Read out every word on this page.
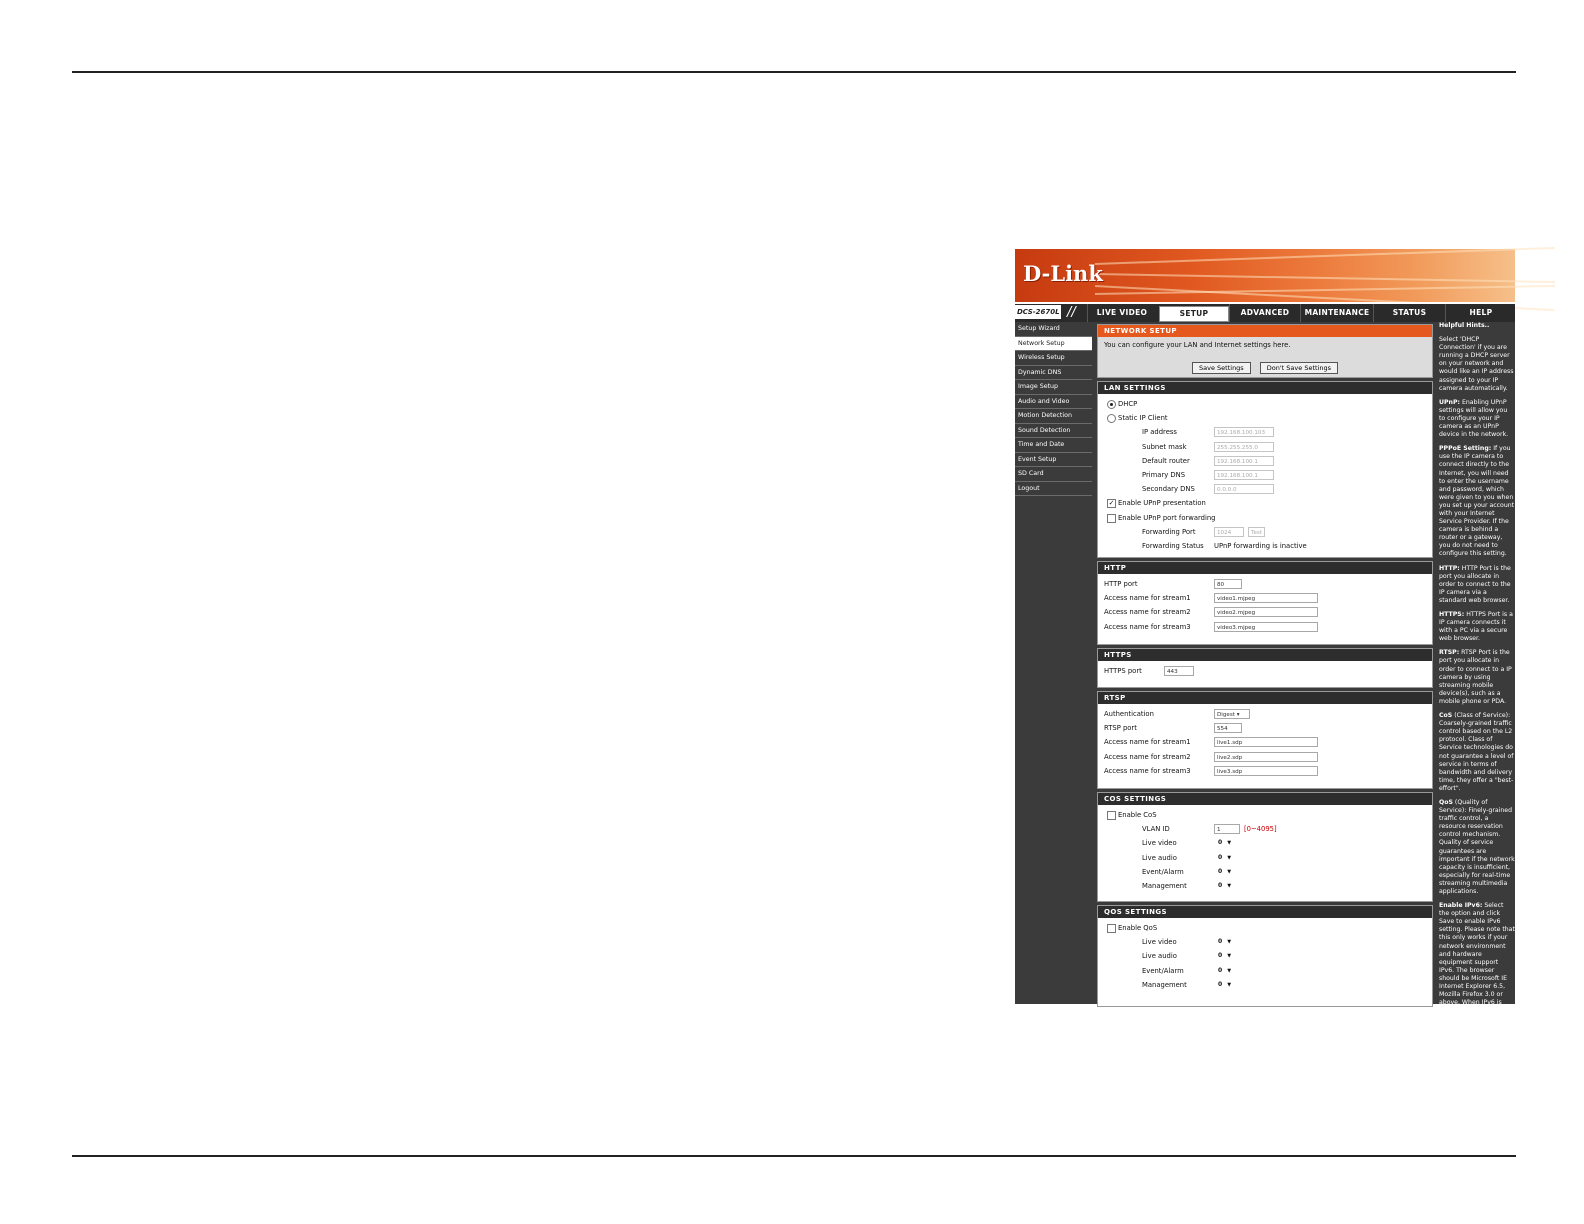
D-Link
DCS-2670L //	LIVE VIDEO	SETUP	ADVANCED	MAINTENANCE	STATUS	HELP
Setup Wizard
Network Setup
Wireless Setup
Dynamic DNS
Image Setup
Audio and Video
Motion Detection
Sound Detection
Time and Date
Event Setup
SD Card
Logout
NETWORK SETUP
You can configure your LAN and Internet settings here.
Save Settings	Don't Save Settings
LAN SETTINGS
DHCP
Static IP Client
IP address	192.168.100.103
Subnet mask	255.255.255.0
Default router	192.168.100.1
Primary DNS	192.168.100.1
Secondary DNS	0.0.0.0
✓ Enable UPnP presentation
Enable UPnP port forwarding
Forwarding Port	1024	Test
Forwarding Status UPnP forwarding is inactive
HTTP
HTTP port	80
Access name for stream1	video1.mjpeg
Access name for stream2	video2.mjpeg
Access name for stream3	video3.mjpeg
HTTPS
HTTPS port	443
RTSP
Authentication	Digest ▾
RTSP port	554
Access name for stream1	live1.sdp
Access name for stream2	live2.sdp
Access name for stream3	live3.sdp
COS SETTINGS
Enable CoS
VLAN ID	1	[0~4095]
Live video	0 ▼
Live audio	0 ▼
Event/Alarm	0 ▼
Management	0 ▼
QOS SETTINGS
Enable QoS
Live video	0 ▼
Live audio	0 ▼
Event/Alarm	0 ▼
Management	0 ▼

Helpful Hints..

Select 'DHCP Connection' if you are running a DHCP server on your network and would like an IP address assigned to your IP camera automatically.

UPnP: Enabling UPnP settings will allow you to configure your IP camera as an UPnP device in the network.

PPPoE Setting: If you use the IP camera to connect directly to the Internet, you will need to enter the username and password, which were given to you when you set up your account with your Internet Service Provider. If the camera is behind a router or a gateway, you do not need to configure this setting.

HTTP: HTTP Port is the port you allocate in order to connect to the IP camera via a standard web browser.

HTTPS: HTTPS Port is a IP camera connects it with a PC via a secure web browser.

RTSP: RTSP Port is the port you allocate in order to connect to a IP camera by using streaming mobile device(s), such as a mobile phone or PDA.

CoS (Class of Service): Coarsely-grained traffic control based on the L2 protocol. Class of Service technologies do not guarantee a level of service in terms of bandwidth and delivery time, they offer a "best-effort".

QoS (Quality of Service): Finely-grained traffic control, a resource reservation control mechanism. Quality of service guarantees are important if the network capacity is insufficient, especially for real-time streaming multimedia applications.

Enable IPv6: Select the option and click Save to enable IPv6 setting. Please note that this only works if your network environment and hardware equipment support IPv6. The browser should be Microsoft IE Internet Explorer 6.5, Mozilla Firefox 3.0 or above. When IPv6 is enabled, by default, the Network camera will listen to
